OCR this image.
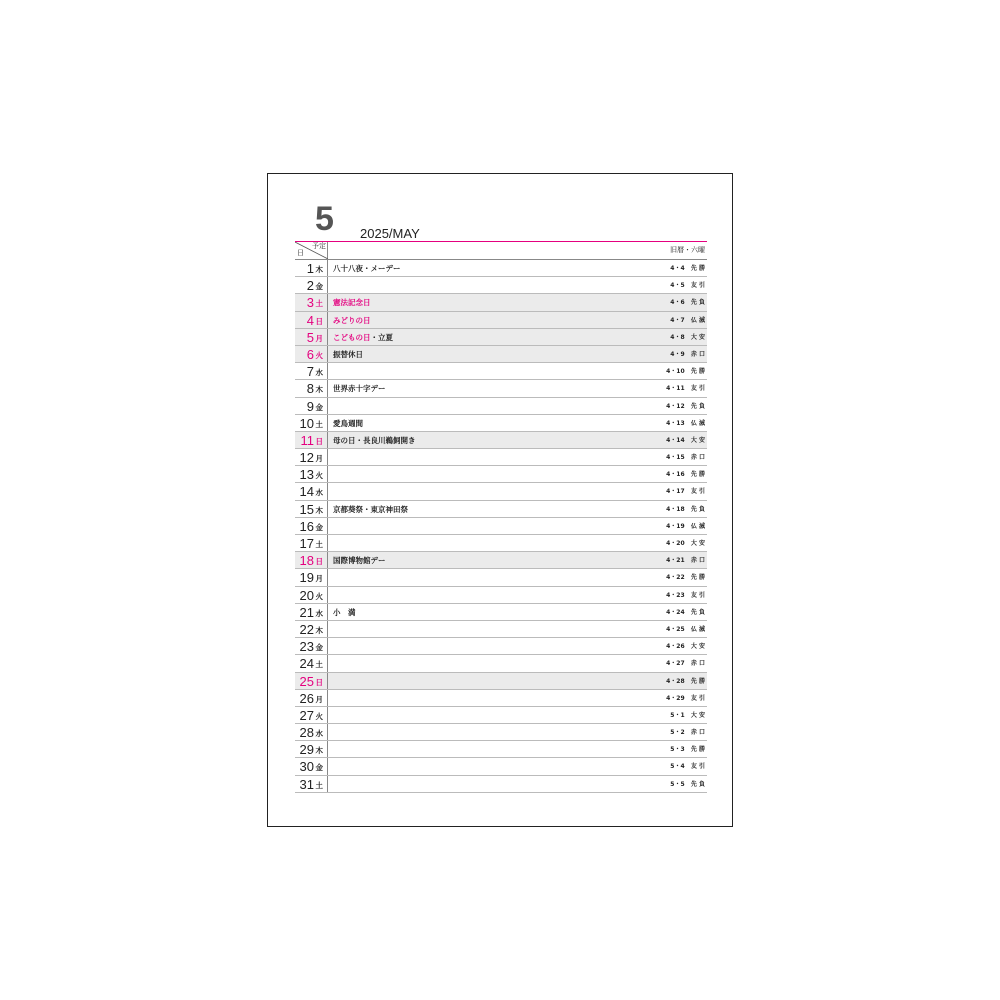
5 2025/MAY
日
予定	旧暦・六曜
1 木 八十八夜・メーデー	4・4 先 勝
2 金	4・5 友 引
3 土 憲法記念日	4・6 先 負
4 日 みどりの日	4・7 仏 滅
5 月 こどもの日・立夏	4・8 大 安
6 火 振替休日	4・9 赤 口
7 水	4・10 先 勝
8 木 世界赤十字デー	4・11 友 引
9 金	4・12 先 負
10 土 愛鳥週間	4・13 仏 滅
11 日 母の日・長良川鵜飼開き	4・14 大 安
12 月	4・15 赤 口
13 火	4・16 先 勝
14 水	4・17 友 引
15 木 京都葵祭・東京神田祭	4・18 先 負
16 金	4・19 仏 滅
17 土	4・20 大 安
18 日 国際博物館デー	4・21 赤 口
19 月	4・22 先 勝
20 火	4・23 友 引
21 水 小　満	4・24 先 負
22 木	4・25 仏 滅
23 金	4・26 大 安
24 土	4・27 赤 口
25 日	4・28 先 勝
26 月	4・29 友 引
27 火	5・1 大 安
28 水	5・2 赤 口
29 木	5・3 先 勝
30 金	5・4 友 引
31 土	5・5 先 負
